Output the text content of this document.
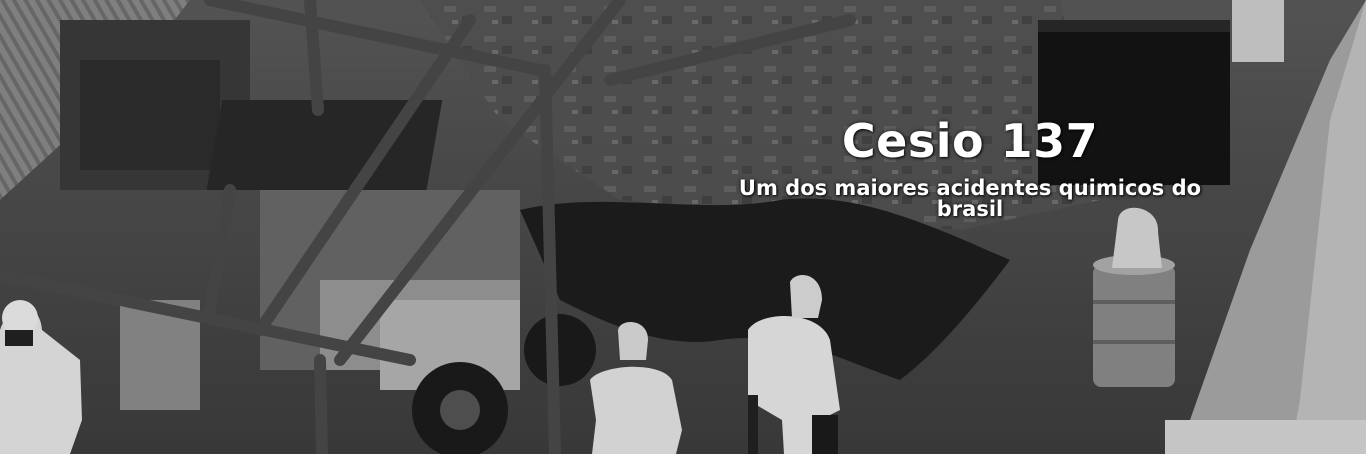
Cesio 137
Um dos maiores acidentes quimicos do brasil
